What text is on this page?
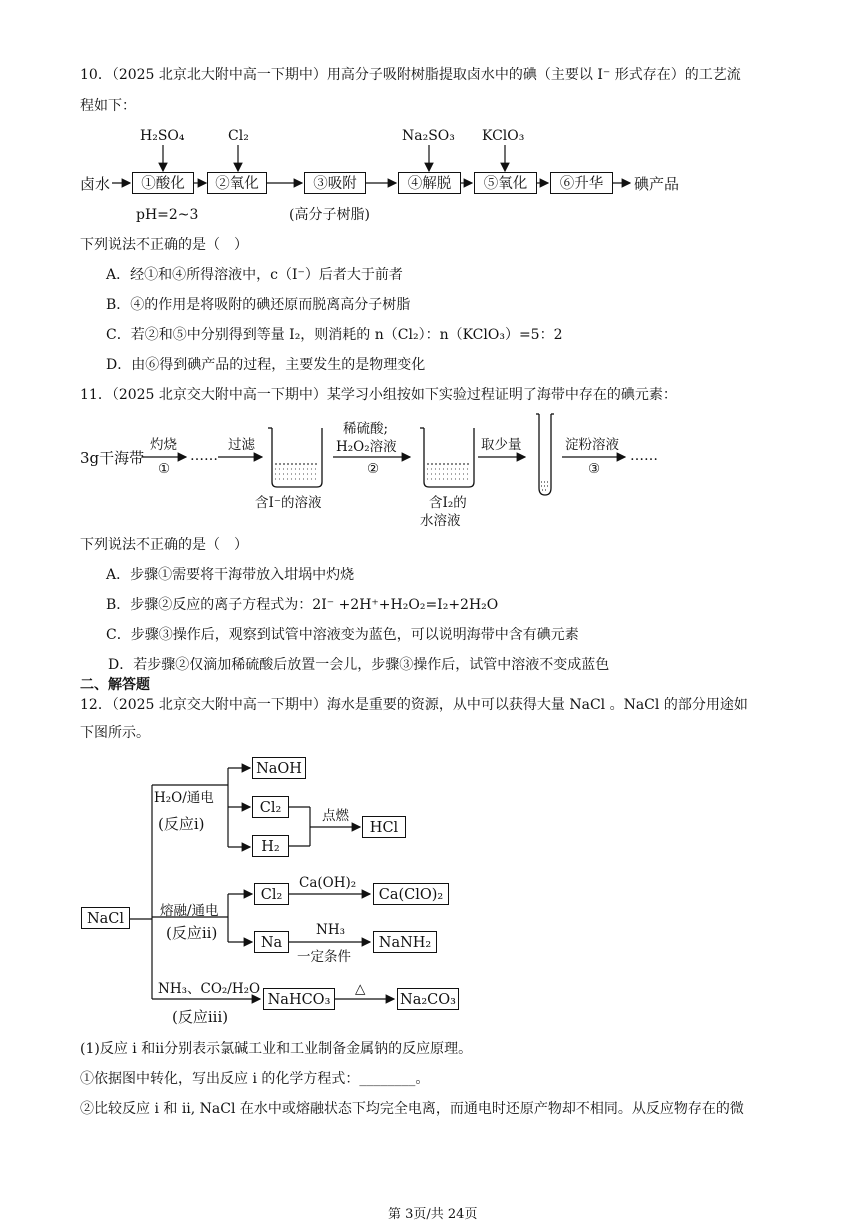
10．（2025 北京北大附中高一下期中）用高分子吸附树脂提取卤水中的碘（主要以 I⁻ 形式存在）的工艺流
程如下：
H₂SO₄	Cl₂	Na₂SO₃ KClO₃
卤水	①酸化	②氧化	③吸附	④解脱	⑤氧化	⑥升华	碘产品
pH=2~3	(高分子树脂)
下列说法不正确的是（　）
A．经①和④所得溶液中，c（I⁻）后者大于前者
B．④的作用是将吸附的碘还原而脱离高分子树脂
C．若②和⑤中分别得到等量 I₂，则消耗的 n（Cl₂）：n（KClO₃）=5：2
D．由⑥得到碘产品的过程，主要发生的是物理变化
11．（2025 北京交大附中高一下期中）某学习小组按如下实验过程证明了海带中存在的碘元素：
3g干海带
灼烧
①
……
过滤
含I⁻的溶液
稀硫酸;
H₂O₂溶液
②
含I₂的
水溶液
取少量	淀粉溶液
③
……
下列说法不正确的是（　）
A．步骤①需要将干海带放入坩埚中灼烧
B．步骤②反应的离子方程式为：2I⁻ +2H⁺+H₂O₂=I₂+2H₂O
C．步骤③操作后，观察到试管中溶液变为蓝色，可以说明海带中含有碘元素
D．若步骤②仅滴加稀硫酸后放置一会儿，步骤③操作后，试管中溶液不变成蓝色
二、解答题
12．（2025 北京交大附中高一下期中）海水是重要的资源，从中可以获得大量 NaCl 。NaCl 的部分用途如
下图所示。
NaCl
H₂O/通电
(反应i)
NaOH
Cl₂
H₂
点燃
HCl
熔融/通电
(反应ii)
Cl₂
Na
Ca(OH)₂
Ca(ClO)₂
NH₃
一定条件
NaNH₂
NH₃、CO₂/H₂O
(反应iii)
NaHCO₃
△
Na₂CO₃
(1)反应 i 和ii分别表示氯碱工业和工业制备金属钠的反应原理。
①依据图中转化，写出反应 i 的化学方程式：________。
②比较反应 i 和 ii, NaCl 在水中或熔融状态下均完全电离，而通电时还原产物却不相同。从反应物存在的微
第 3页/共 24页
